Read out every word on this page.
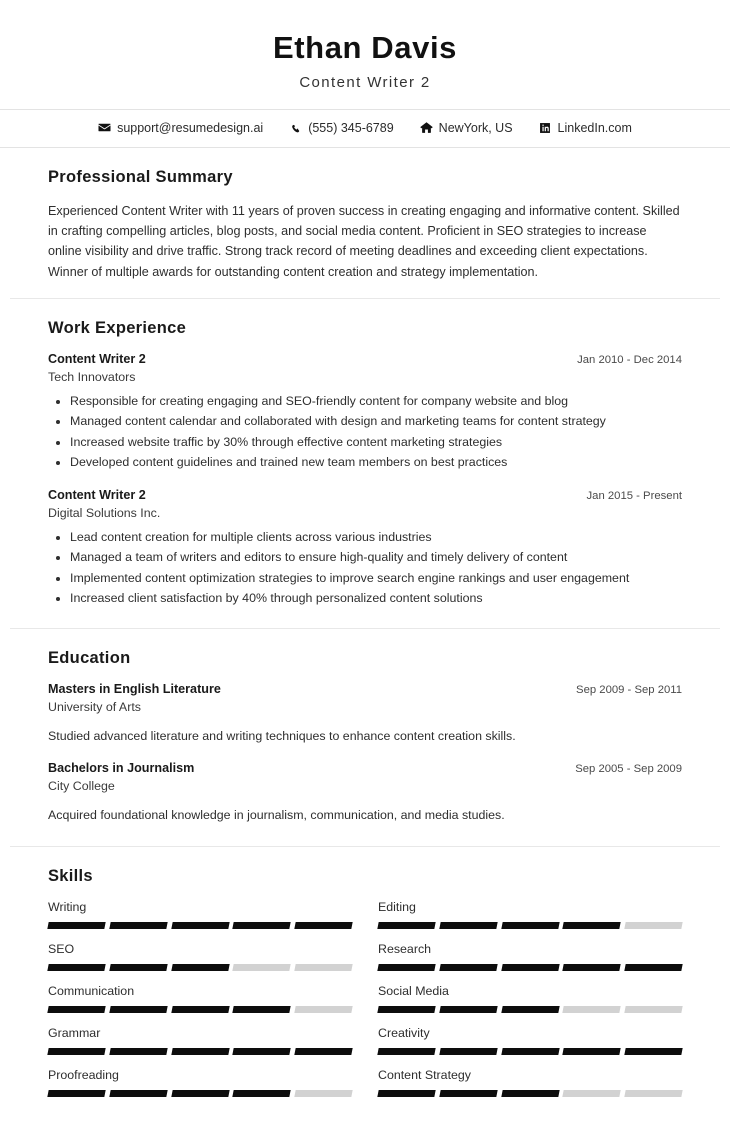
Ethan Davis
Content Writer 2
support@resumedesign.ai	(555) 345-6789	NewYork, US	LinkedIn.com
Professional Summary
Experienced Content Writer with 11 years of proven success in creating engaging and informative content. Skilled in crafting compelling articles, blog posts, and social media content. Proficient in SEO strategies to increase online visibility and drive traffic. Strong track record of meeting deadlines and exceeding client expectations. Winner of multiple awards for outstanding content creation and strategy implementation.
Work Experience
Content Writer 2	Jan 2010 - Dec 2014
Tech Innovators
• Responsible for creating engaging and SEO-friendly content for company website and blog
• Managed content calendar and collaborated with design and marketing teams for content strategy
• Increased website traffic by 30% through effective content marketing strategies
• Developed content guidelines and trained new team members on best practices
Content Writer 2	Jan 2015 - Present
Digital Solutions Inc.
• Lead content creation for multiple clients across various industries
• Managed a team of writers and editors to ensure high-quality and timely delivery of content
• Implemented content optimization strategies to improve search engine rankings and user engagement
• Increased client satisfaction by 40% through personalized content solutions
Education
Masters in English Literature	Sep 2009 - Sep 2011
University of Arts
Studied advanced literature and writing techniques to enhance content creation skills.
Bachelors in Journalism	Sep 2005 - Sep 2009
City College
Acquired foundational knowledge in journalism, communication, and media studies.
Skills
Writing	Editing
SEO	Research
Communication	Social Media
Grammar	Creativity
Proofreading	Content Strategy
